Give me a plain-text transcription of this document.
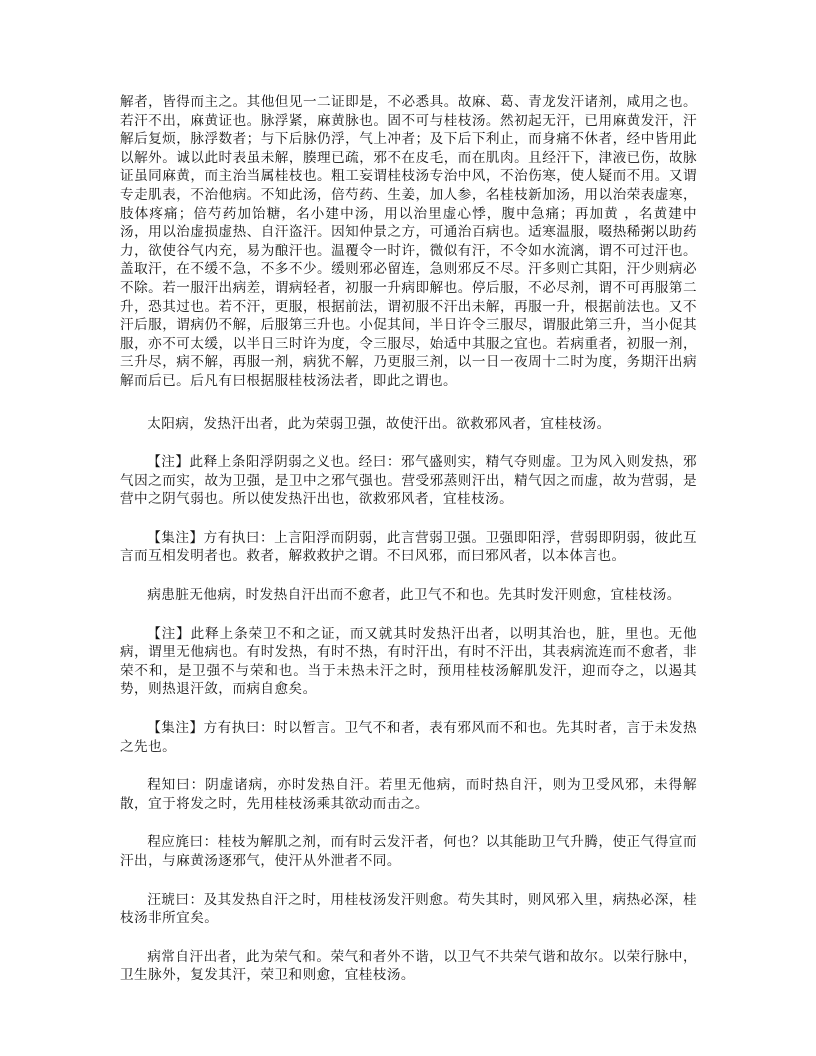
解者，皆得而主之。其他但见一二证即是，不必悉具。故麻、葛、青龙发汗诸剂，咸用之也。若汗不出，麻黄证也。脉浮紧，麻黄脉也。固不可与桂枝汤。然初起无汗，已用麻黄发汗，汗解后复烦，脉浮数者；与下后脉仍浮，气上冲者；及下后下利止，而身痛不休者，经中皆用此以解外。诚以此时表虽未解，腠理已疏，邪不在皮毛，而在肌肉。且经汗下，津液已伤，故脉证虽同麻黄，而主治当属桂枝也。粗工妄谓桂枝汤专治中风，不治伤寒，使人疑而不用。又谓专走肌表，不治他病。不知此汤，倍芍药、生姜，加人参，名桂枝新加汤，用以治荣表虚寒，肢体疼痛；倍芍药加饴糖，名小建中汤，用以治里虚心悸，腹中急痛；再加黄 ，名黄建中汤，用以治虚损虚热、自汗盗汗。因知仲景之方，可通治百病也。适寒温服，啜热稀粥以助药力，欲使谷气内充，易为酿汗也。温覆令一时许，微似有汗，不令如水流漓，谓不可过汗也。盖取汗，在不缓不急，不多不少。缓则邪必留连，急则邪反不尽。汗多则亡其阳，汗少则病必不除。若一服汗出病差，谓病轻者，初服一升病即解也。停后服，不必尽剂，谓不可再服第二升，恐其过也。若不汗，更服，根据前法，谓初服不汗出未解，再服一升，根据前法也。又不汗后服，谓病仍不解，后服第三升也。小促其间，半日许令三服尽，谓服此第三升，当小促其服，亦不可太缓，以半日三时许为度，令三服尽，始适中其服之宜也。若病重者，初服一剂，三升尽，病不解，再服一剂，病犹不解，乃更服三剂，以一日一夜周十二时为度，务期汗出病解而后已。后凡有曰根据服桂枝汤法者，即此之谓也。

太阳病，发热汗出者，此为荣弱卫强，故使汗出。欲救邪风者，宜桂枝汤。

【注】此释上条阳浮阴弱之义也。经曰：邪气盛则实，精气夺则虚。卫为风入则发热，邪气因之而实，故为卫强，是卫中之邪气强也。营受邪蒸则汗出，精气因之而虚，故为营弱，是营中之阴气弱也。所以使发热汗出也，欲救邪风者，宜桂枝汤。

【集注】方有执曰：上言阳浮而阴弱，此言营弱卫强。卫强即阳浮，营弱即阴弱，彼此互言而互相发明者也。救者，解救救护之谓。不曰风邪，而曰邪风者，以本体言也。

病患脏无他病，时发热自汗出而不愈者，此卫气不和也。先其时发汗则愈，宜桂枝汤。

【注】此释上条荣卫不和之证，而又就其时发热汗出者，以明其治也，脏，里也。无他病，谓里无他病也。有时发热，有时不热，有时汗出，有时不汗出，其表病流连而不愈者，非荣不和，是卫强不与荣和也。当于未热未汗之时，预用桂枝汤解肌发汗，迎而夺之，以遏其势，则热退汗敛，而病自愈矣。

【集注】方有执曰：时以暂言。卫气不和者，表有邪风而不和也。先其时者，言于未发热之先也。

程知曰：阴虚诸病，亦时发热自汗。若里无他病，而时热自汗，则为卫受风邪，未得解散，宜于将发之时，先用桂枝汤乘其欲动而击之。

程应旄曰：桂枝为解肌之剂，而有时云发汗者，何也？以其能助卫气升腾，使正气得宣而汗出，与麻黄汤逐邪气，使汗从外泄者不同。

汪琥曰：及其发热自汗之时，用桂枝汤发汗则愈。苟失其时，则风邪入里，病热必深，桂枝汤非所宜矣。

病常自汗出者，此为荣气和。荣气和者外不谐，以卫气不共荣气谐和故尔。以荣行脉中，卫生脉外，复发其汗，荣卫和则愈，宜桂枝汤。
